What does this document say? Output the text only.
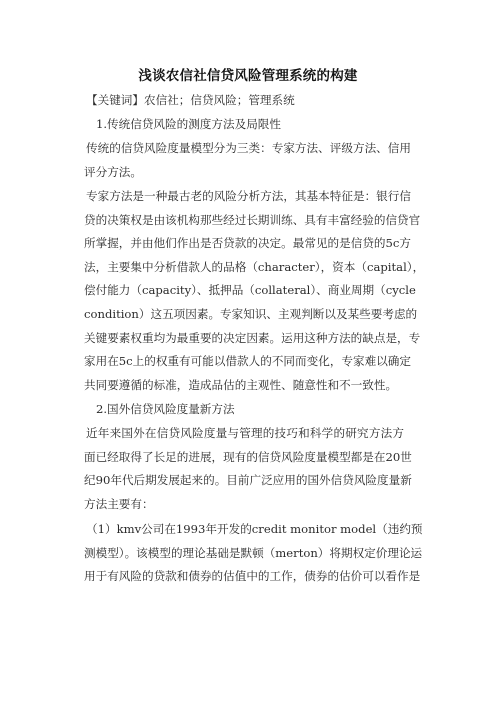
浅谈农信社信贷风险管理系统的构建
【关键词】农信社；信贷风险；管理系统
1.传统信贷风险的测度方法及局限性
传统的信贷风险度量模型分为三类：专家方法、评级方法、信用
评分方法。
专家方法是一种最古老的风险分析方法，其基本特征是：银行信
贷的决策权是由该机构那些经过长期训练、具有丰富经验的信贷官
所掌握，并由他们作出是否贷款的决定。最常见的是信贷的5c方
法，主要集中分析借款人的品格（character），资本（capital），
偿付能力（capacity）、抵押品（collateral）、商业周期（cycle
condition）这五项因素。专家知识、主观判断以及某些要考虑的
关键要素权重均为最重要的决定因素。运用这种方法的缺点是，专
家用在5c上的权重有可能以借款人的不同而变化，专家难以确定
共同要遵循的标准，造成品估的主观性、随意性和不一致性。
2.国外信贷风险度量新方法
近年来国外在信贷风险度量与管理的技巧和科学的研究方法方
面已经取得了长足的进展，现有的信贷风险度量模型都是在20世
纪90年代后期发展起来的。目前广泛应用的国外信贷风险度量新
方法主要有：
（1）kmv公司在1993年开发的credit monitor model（违约预
测模型）。该模型的理论基础是默顿（merton）将期权定价理论运
用于有风险的贷款和债券的估值中的工作，债券的估价可以看作是
